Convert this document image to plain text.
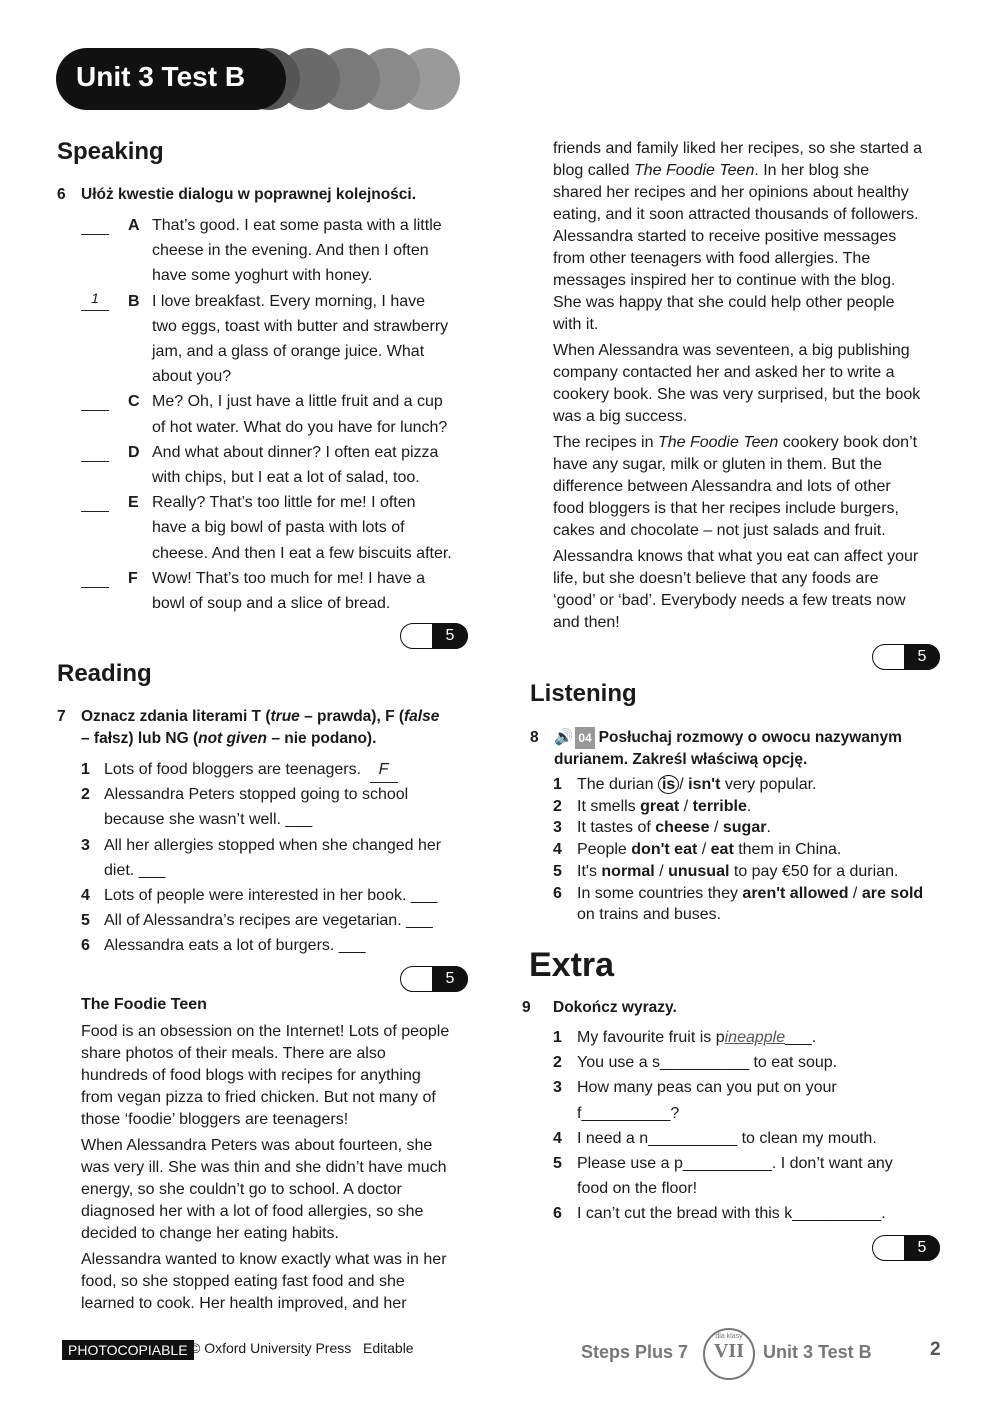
Unit 3 Test B
Speaking
6 Ułóż kwestie dialogu w poprawnej kolejności.
A That’s good. I eat some pasta with a little
cheese in the evening. And then I often
have some yoghurt with honey.
1	B I love breakfast. Every morning, I have
two eggs, toast with butter and strawberry
jam, and a glass of orange juice. What
about you?
C Me? Oh, I just have a little fruit and a cup
of hot water. What do you have for lunch?
D And what about dinner? I often eat pizza
with chips, but I eat a lot of salad, too.
E Really? That’s too little for me! I often
have a big bowl of pasta with lots of
cheese. And then I eat a few biscuits after.
F Wow! That’s too much for me! I have a
bowl of soup and a slice of bread.
5
Reading
7 Oznacz zdania literami T (true – prawda), F (false
– fałsz) lub NG (not given – nie podano).
1 Lots of food bloggers are teenagers. F
2 Alessandra Peters stopped going to school
because she wasn’t well. ___
3 All her allergies stopped when she changed her
diet. ___
4 Lots of people were interested in her book. ___
5 All of Alessandra’s recipes are vegetarian. ___
6 Alessandra eats a lot of burgers. ___
5
The Foodie Teen
Food is an obsession on the Internet! Lots of people
share photos of their meals. There are also
hundreds of food blogs with recipes for anything
from vegan pizza to fried chicken. But not many of
those ‘foodie’ bloggers are teenagers!
When Alessandra Peters was about fourteen, she
was very ill. She was thin and she didn’t have much
energy, so she couldn’t go to school. A doctor
diagnosed her with a lot of food allergies, so she
decided to change her eating habits.
Alessandra wanted to know exactly what was in her
food, so she stopped eating fast food and she
learned to cook. Her health improved, and her
friends and family liked her recipes, so she started a
blog called The Foodie Teen. In her blog she
shared her recipes and her opinions about healthy
eating, and it soon attracted thousands of followers.
Alessandra started to receive positive messages
from other teenagers with food allergies. The
messages inspired her to continue with the blog.
She was happy that she could help other people
with it.
When Alessandra was seventeen, a big publishing
company contacted her and asked her to write a
cookery book. She was very surprised, but the book
was a big success.
The recipes in The Foodie Teen cookery book don’t
have any sugar, milk or gluten in them. But the
difference between Alessandra and lots of other
food bloggers is that her recipes include burgers,
cakes and chocolate – not just salads and fruit.
Alessandra knows that what you eat can affect your
life, but she doesn’t believe that any foods are
‘good’ or ‘bad’. Everybody needs a few treats now
and then!
5
Listening
8 🔊 04 Posłuchaj rozmowy o owocu nazywanym
durianem. Zakreśl właściwą opcję.
1 The durian is / isn't very popular.
2 It smells great / terrible.
3 It tastes of cheese / sugar.
4 People don't eat / eat them in China.
5 It's normal / unusual to pay €50 for a durian.
6 In some countries they aren't allowed / are sold
on trains and buses.
Extra
9 Dokończ wyrazy.
1 My favourite fruit is pineapple___.
2 You use a s__________ to eat soup.
3 How many peas can you put on your
f__________?
4 I need a n__________ to clean my mouth.
5 Please use a p__________. I don’t want any
food on the floor!
6 I can’t cut the bread with this k__________.
5
PHOTOCOPIABLE © Oxford University Press Editable	Steps Plus 7
dla klasy
VII	Unit 3 Test B	2
